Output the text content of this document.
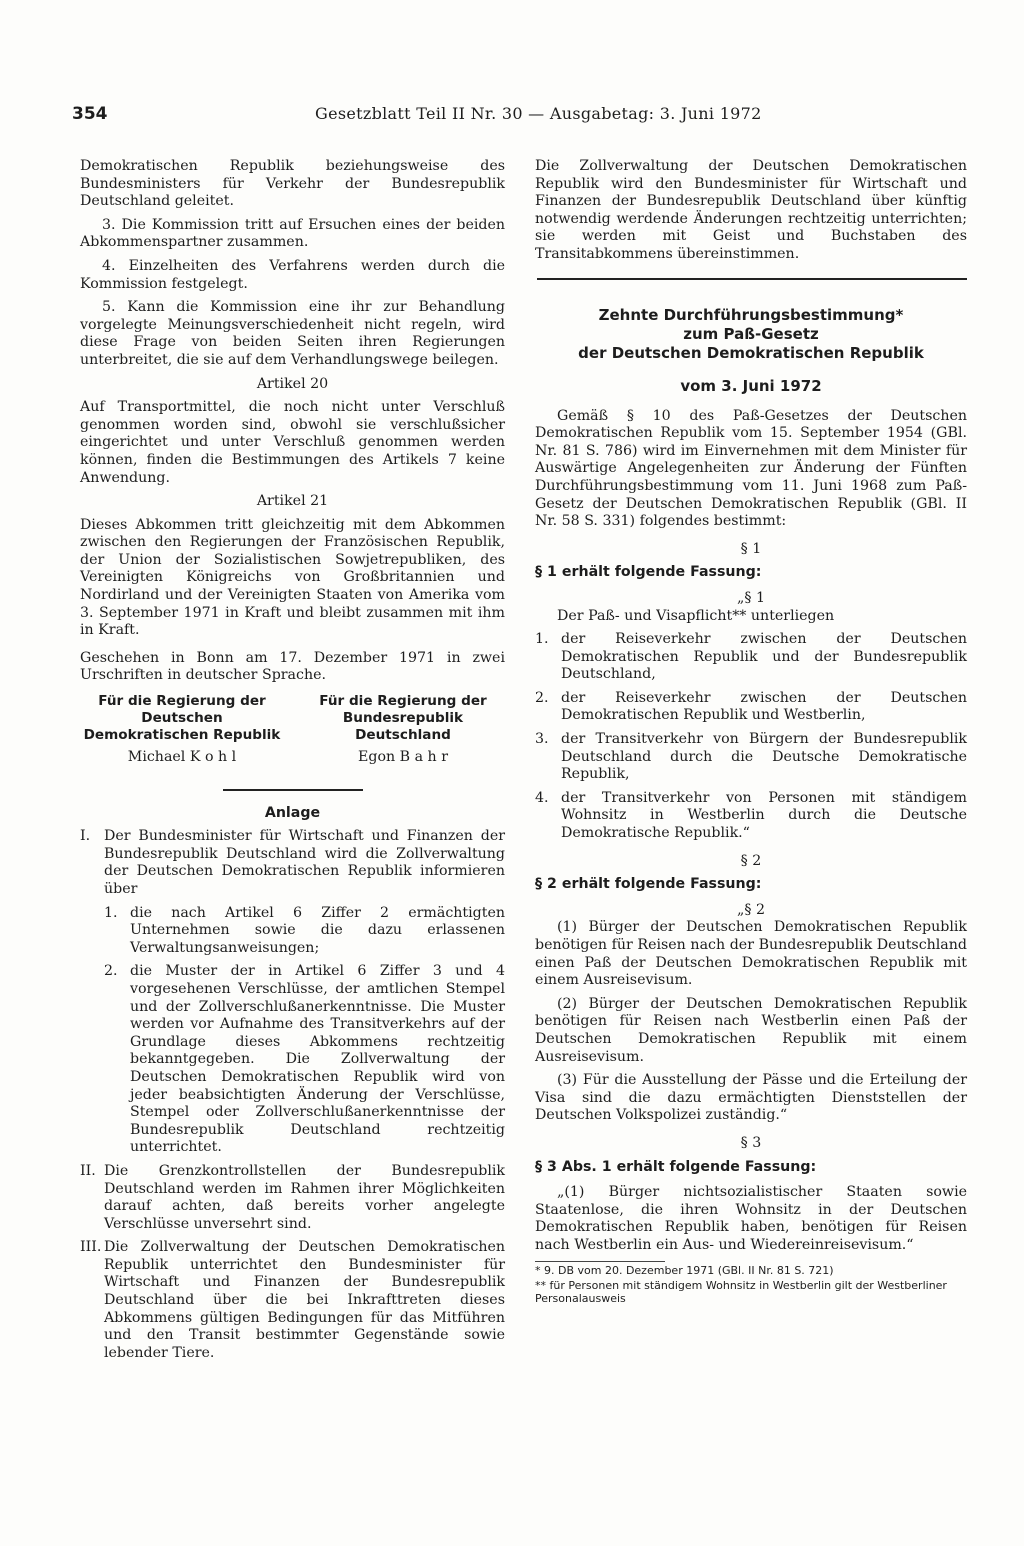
354	Gesetzblatt Teil II Nr. 30 — Ausgabetag: 3. Juni 1972

Demokratischen Republik beziehungsweise des Bundesministers für Verkehr der Bundesrepublik Deutschland geleitet.

3. Die Kommission tritt auf Ersuchen eines der beiden Abkommenspartner zusammen.

4. Einzelheiten des Verfahrens werden durch die Kommission festgelegt.

5. Kann die Kommission eine ihr zur Behandlung vorgelegte Meinungsverschiedenheit nicht regeln, wird diese Frage von beiden Seiten ihren Regierungen unterbreitet, die sie auf dem Verhandlungswege beilegen.

Artikel 20

Auf Transportmittel, die noch nicht unter Verschluß genommen worden sind, obwohl sie verschlußsicher eingerichtet und unter Verschluß genommen werden können, finden die Bestimmungen des Artikels 7 keine Anwendung.

Artikel 21

Dieses Abkommen tritt gleichzeitig mit dem Abkommen zwischen den Regierungen der Französischen Republik, der Union der Sozialistischen Sowjetrepubliken, des Vereinigten Königreichs von Großbritannien und Nordirland und der Vereinigten Staaten von Amerika vom 3. September 1971 in Kraft und bleibt zusammen mit ihm in Kraft.

Geschehen in Bonn am 17. Dezember 1971 in zwei Urschriften in deutscher Sprache.

Für die Regierung der Deutschen Demokratischen Republik
Michael K o h l
Für die Regierung der Bundesrepublik Deutschland
Egon B a h r

Anlage

I. Der Bundesminister für Wirtschaft und Finanzen der Bundesrepublik Deutschland wird die Zollverwaltung der Deutschen Demokratischen Republik informieren über
1. die nach Artikel 6 Ziffer 2 ermächtigten Unternehmen sowie die dazu erlassenen Verwaltungsanweisungen;
2. die Muster der in Artikel 6 Ziffer 3 und 4 vorgesehenen Verschlüsse, der amtlichen Stempel und der Zollverschlußanerkenntnisse. Die Muster werden vor Aufnahme des Transitverkehrs auf der Grundlage dieses Abkommens rechtzeitig bekanntgegeben. Die Zollverwaltung der Deutschen Demokratischen Republik wird von jeder beabsichtigten Änderung der Verschlüsse, Stempel oder Zollverschlußanerkenntnisse der Bundesrepublik Deutschland rechtzeitig unterrichtet.
II. Die Grenzkontrollstellen der Bundesrepublik Deutschland werden im Rahmen ihrer Möglichkeiten darauf achten, daß bereits vorher angelegte Verschlüsse unversehrt sind.
III. Die Zollverwaltung der Deutschen Demokratischen Republik unterrichtet den Bundesminister für Wirtschaft und Finanzen der Bundesrepublik Deutschland über die bei Inkrafttreten dieses Abkommens gültigen Bedingungen für das Mitführen und den Transit bestimmter Gegenstände sowie lebender Tiere.

Die Zollverwaltung der Deutschen Demokratischen Republik wird den Bundesminister für Wirtschaft und Finanzen der Bundesrepublik Deutschland über künftig notwendig werdende Änderungen rechtzeitig unterrichten; sie werden mit Geist und Buchstaben des Transitabkommens übereinstimmen.

Zehnte Durchführungsbestimmung*
zum Paß-Gesetz
der Deutschen Demokratischen Republik
vom 3. Juni 1972

Gemäß § 10 des Paß-Gesetzes der Deutschen Demokratischen Republik vom 15. September 1954 (GBl. Nr. 81 S. 786) wird im Einvernehmen mit dem Minister für Auswärtige Angelegenheiten zur Änderung der Fünften Durchführungsbestimmung vom 11. Juni 1968 zum Paß-Gesetz der Deutschen Demokratischen Republik (GBl. II Nr. 58 S. 331) folgendes bestimmt:

§ 1
§ 1 erhält folgende Fassung:
„§ 1

Der Paß- und Visapflicht** unterliegen

1. der Reiseverkehr zwischen der Deutschen Demokratischen Republik und der Bundesrepublik Deutschland,
2. der Reiseverkehr zwischen der Deutschen Demokratischen Republik und Westberlin,
3. der Transitverkehr von Bürgern der Bundesrepublik Deutschland durch die Deutsche Demokratische Republik,
4. der Transitverkehr von Personen mit ständigem Wohnsitz in Westberlin durch die Deutsche Demokratische Republik.“
§ 2
§ 2 erhält folgende Fassung:
„§ 2

(1) Bürger der Deutschen Demokratischen Republik benötigen für Reisen nach der Bundesrepublik Deutschland einen Paß der Deutschen Demokratischen Republik mit einem Ausreisevisum.

(2) Bürger der Deutschen Demokratischen Republik benötigen für Reisen nach Westberlin einen Paß der Deutschen Demokratischen Republik mit einem Ausreisevisum.

(3) Für die Ausstellung der Pässe und die Erteilung der Visa sind die dazu ermächtigten Dienststellen der Deutschen Volkspolizei zuständig.“

§ 3
§ 3 Abs. 1 erhält folgende Fassung:

„(1) Bürger nichtsozialistischer Staaten sowie Staatenlose, die ihren Wohnsitz in der Deutschen Demokratischen Republik haben, benötigen für Reisen nach Westberlin ein Aus- und Wiedereinreisevisum.“

* 9. DB vom 20. Dezember 1971 (GBl. II Nr. 81 S. 721)

** für Personen mit ständigem Wohnsitz in Westberlin gilt der Westberliner Personalausweis
